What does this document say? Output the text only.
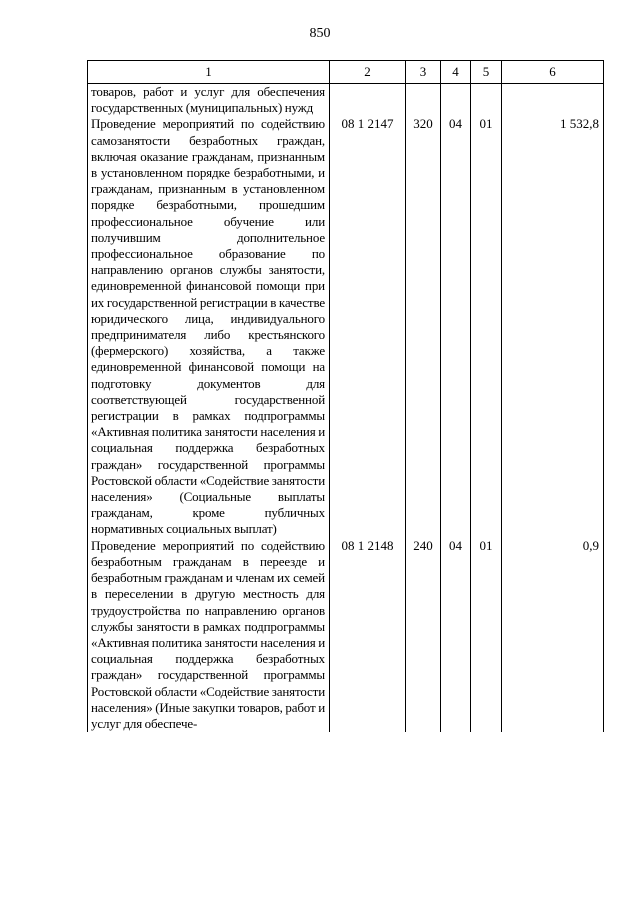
850
1	2	3	4	5	6
товаров, работ и услуг для обеспечения государственных (муниципальных) нужд					
Проведение мероприятий по содействию самозанятости безработных граждан, включая оказание гражданам, признанным в установленном порядке безработными, и гражданам, признанным в установленном порядке безработными, прошедшим профессиональное обучение или получившим дополнительное профессиональное образование по направлению органов службы занятости, единовременной финансовой помощи при их государственной регистрации в качестве юридического лица, индивидуального предпринимателя либо крестьянского (фермерского) хозяйства, а также единовременной финансовой помощи на подготовку документов для соответствующей государственной регистрации в рамках подпрограммы «Активная политика занятости населения и социальная поддержка безработных граждан» государственной программы Ростовской области «Содействие занятости населения» (Социальные выплаты гражданам, кроме публичных нормативных социальных выплат)	08 1 2147	320	04	01	1 532,8
Проведение мероприятий по содействию безработным гражданам в переезде и безработным гражданам и членам их семей в переселении в другую местность для трудоустройства по направлению органов службы занятости в рамках подпрограммы «Активная политика занятости населения и социальная поддержка безработных граждан» государственной программы Ростовской области «Содействие занятости населения» (Иные закупки товаров, работ и услуг для обеспече-	08 1 2148	240	04	01	0,9
